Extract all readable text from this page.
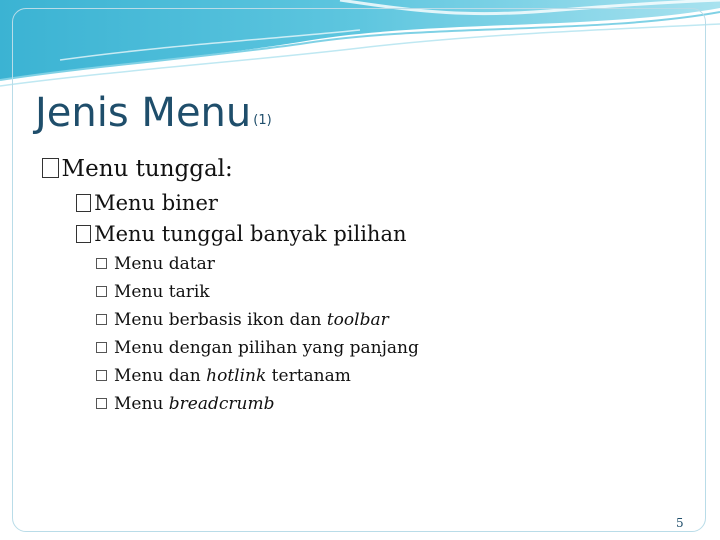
Jenis Menu $_{(1)}$
Menu tunggal:
Menu biner
Menu tunggal banyak pilihan
Menu datar
Menu tarik
Menu berbasis ikon dan toolbar
Menu dengan pilihan yang panjang
Menu dan hotlink tertanam
Menu breadcrumb
5
